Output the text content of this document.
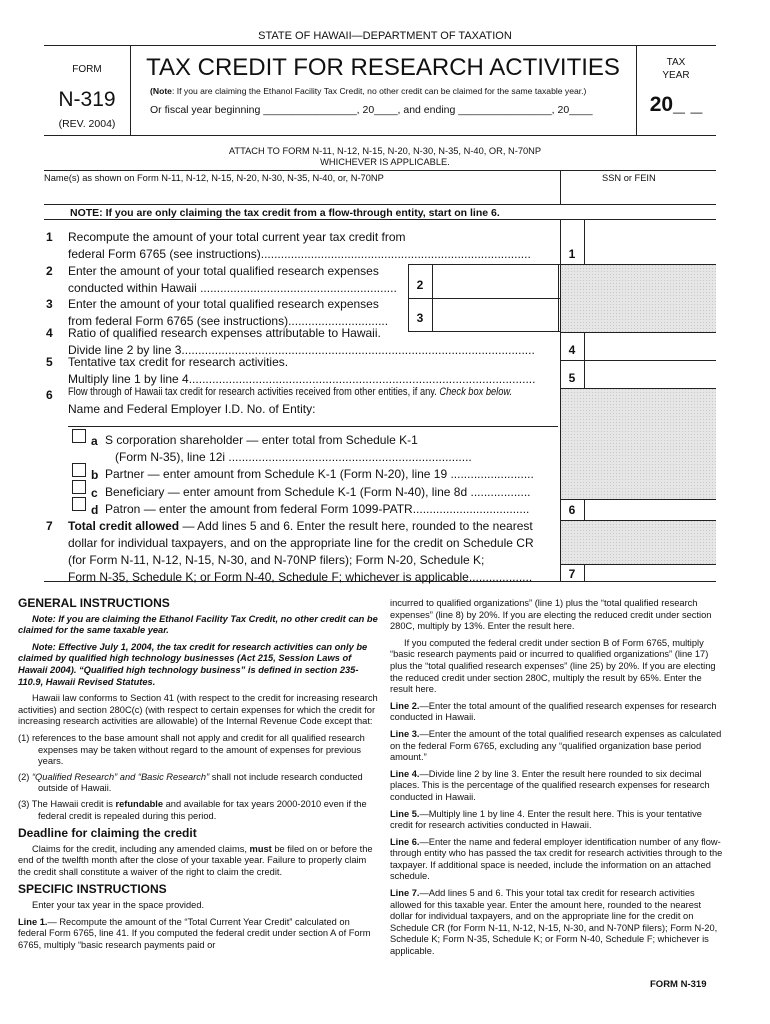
STATE OF HAWAII—DEPARTMENT OF TAXATION
FORM
N-319
(REV. 2004)
TAX CREDIT FOR RESEARCH ACTIVITIES
(Note: If you are claiming the Ethanol Facility Tax Credit, no other credit can be claimed for the same taxable year.)
Or fiscal year beginning ________________, 20____, and ending ________________, 20____
TAX
YEAR
20_ _
ATTACH TO FORM N-11, N-12, N-15, N-20, N-30, N-35, N-40, OR, N-70NP
WHICHEVER IS APPLICABLE.
Name(s) as shown on Form N-11, N-12, N-15, N-20, N-30, N-35, N-40, or, N-70NP	SSN or FEIN
NOTE: If you are only claiming the tax credit from a flow-through entity, start on line 6.
1 Recompute the amount of your total current year tax credit from
federal Form 6765 (see instructions).................................................................................	1
2 Enter the amount of your total qualified research expenses
conducted within Hawaii ...........................................................	2
3 Enter the amount of your total qualified research expenses
from federal Form 6765 (see instructions)..............................	3
4 Ratio of qualified research expenses attributable to Hawaii.
Divide line 2 by line 3..........................................................................................................	4
5 Tentative tax credit for research activities.
Multiply line 1 by line 4........................................................................................................	5
6 Flow through of Hawaii tax credit for research activities received from other entities, if any. Check box below.
Name and Federal Employer I.D. No. of Entity:
a S corporation shareholder — enter total from Schedule K-1
(Form N-35), line 12i .........................................................................
b Partner — enter amount from Schedule K-1 (Form N-20), line 19 .........................
c Beneficiary — enter amount from Schedule K-1 (Form N-40), line 8d ..................
d Patron — enter the amount from federal Form 1099-PATR...................................	6
7 Total credit allowed — Add lines 5 and 6. Enter the result here, rounded to the nearest
dollar for individual taxpayers, and on the appropriate line for the credit on Schedule CR
(for Form N-11, N-12, N-15, N-30, and N-70NP filers); Form N-20, Schedule K;
Form N-35, Schedule K; or Form N-40, Schedule F; whichever is applicable...................	7
GENERAL INSTRUCTIONS

Note: If you are claiming the Ethanol Facility Tax Credit, no other credit can be claimed for the same taxable year.

Note: Effective July 1, 2004, the tax credit for research activities can only be claimed by qualified high technology businesses (Act 215, Session Laws of Hawaii 2004). “Qualified high technology business” is defined in section 235-110.9, Hawaii Revised Statutes.

Hawaii law conforms to Section 41 (with respect to the credit for increasing research activities) and section 280C(c) (with respect to certain expenses for which the credit for increasing research activities are allowable) of the Internal Revenue Code except that:

(1) references to the base amount shall not apply and credit for all qualified research expenses may be taken without regard to the amount of expenses for previous years.

(2) “Qualified Research” and “Basic Research” shall not include research conducted outside of Hawaii.

(3) The Hawaii credit is refundable and available for tax years 2000-2010 even if the federal credit is repealed during this period.

Deadline for claiming the credit

Claims for the credit, including any amended claims, must be filed on or before the end of the twelfth month after the close of your taxable year. Failure to properly claim the credit shall constitute a waiver of the right to claim the credit.

SPECIFIC INSTRUCTIONS

Enter your tax year in the space provided.

Line 1.— Recompute the amount of the “Total Current Year Credit” calculated on federal Form 6765, line 41. If you computed the federal credit under section A of Form 6765, multiply “basic research payments paid or

incurred to qualified organizations” (line 1) plus the “total qualified research expenses” (line 8) by 20%. If you are electing the reduced credit under section 280C, multiply by 13%. Enter the result here.

If you computed the federal credit under section B of Form 6765, multiply “basic research payments paid or incurred to qualified organizations” (line 17) plus the “total qualified research expenses” (line 25) by 20%. If you are electing the reduced credit under section 280C, multiply the result by 65%. Enter the result here.

Line 2.—Enter the total amount of the qualified research expenses for research conducted in Hawaii.

Line 3.—Enter the amount of the total qualified research expenses as calculated on the federal Form 6765, excluding any “qualified organization base period amount.”

Line 4.—Divide line 2 by line 3. Enter the result here rounded to six decimal places. This is the percentage of the qualified research expenses for research conducted in Hawaii.

Line 5.—Multiply line 1 by line 4. Enter the result here. This is your tentative credit for research activities conducted in Hawaii.

Line 6.—Enter the name and federal employer identification number of any flow-through entity who has passed the tax credit for research activities through to the taxpayer. If additional space is needed, include the information on an attached schedule.

Line 7.—Add lines 5 and 6. This your total tax credit for research activities allowed for this taxable year. Enter the amount here, rounded to the nearest dollar for individual taxpayers, and on the appropriate line for the credit on Schedule CR (for Form N-11, N-12, N-15, N-30, and N-70NP filers); Form N-20, Schedule K; Form N-35, Schedule K; or Form N-40, Schedule F; whichever is applicable.

FORM N-319
